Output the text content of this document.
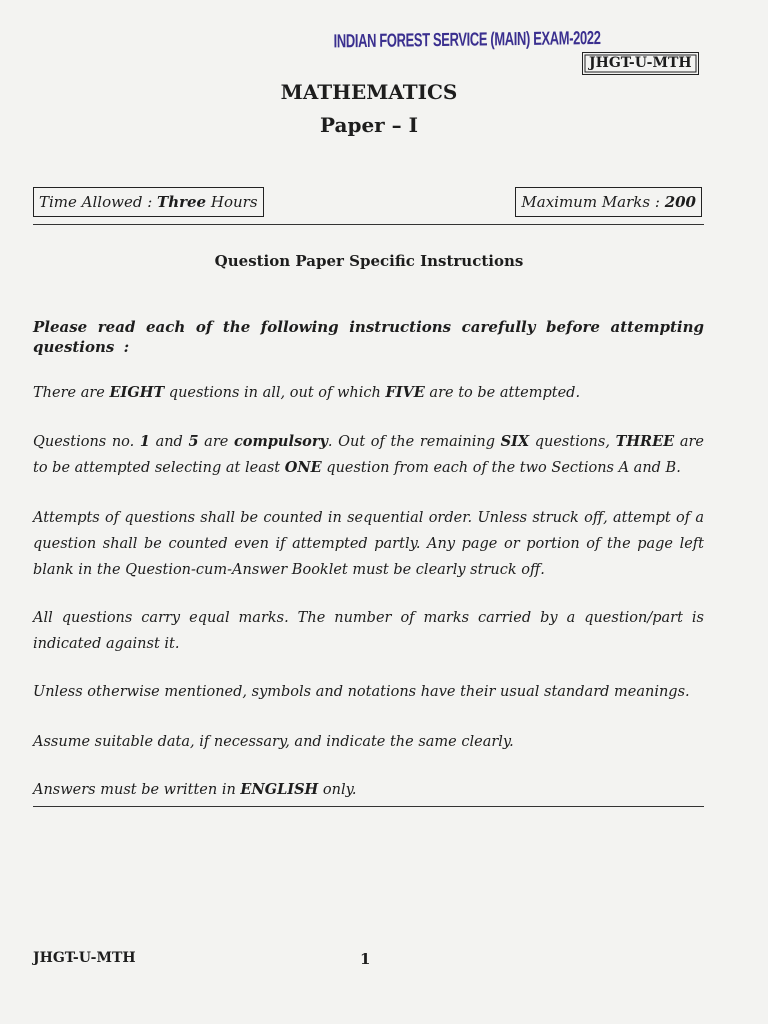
INDIAN FOREST SERVICE (MAIN) EXAM-2022
JHGT-U-MTH
MATHEMATICS
Paper – I
Time Allowed : Three Hours	Maximum Marks : 200
Question Paper Specific Instructions
Please read each of the following instructions carefully before attempting questions :
There are EIGHT questions in all, out of which FIVE are to be attempted.
Questions no. 1 and 5 are compulsory. Out of the remaining SIX questions, THREE are to be attempted selecting at least ONE question from each of the two Sections A and B.
Attempts of questions shall be counted in sequential order. Unless struck off, attempt of a question shall be counted even if attempted partly. Any page or portion of the page left blank in the Question-cum-Answer Booklet must be clearly struck off.
All questions carry equal marks. The number of marks carried by a question/part is indicated against it.
Unless otherwise mentioned, symbols and notations have their usual standard meanings.
Assume suitable data, if necessary, and indicate the same clearly.
Answers must be written in ENGLISH only.
JHGT-U-MTH	1
